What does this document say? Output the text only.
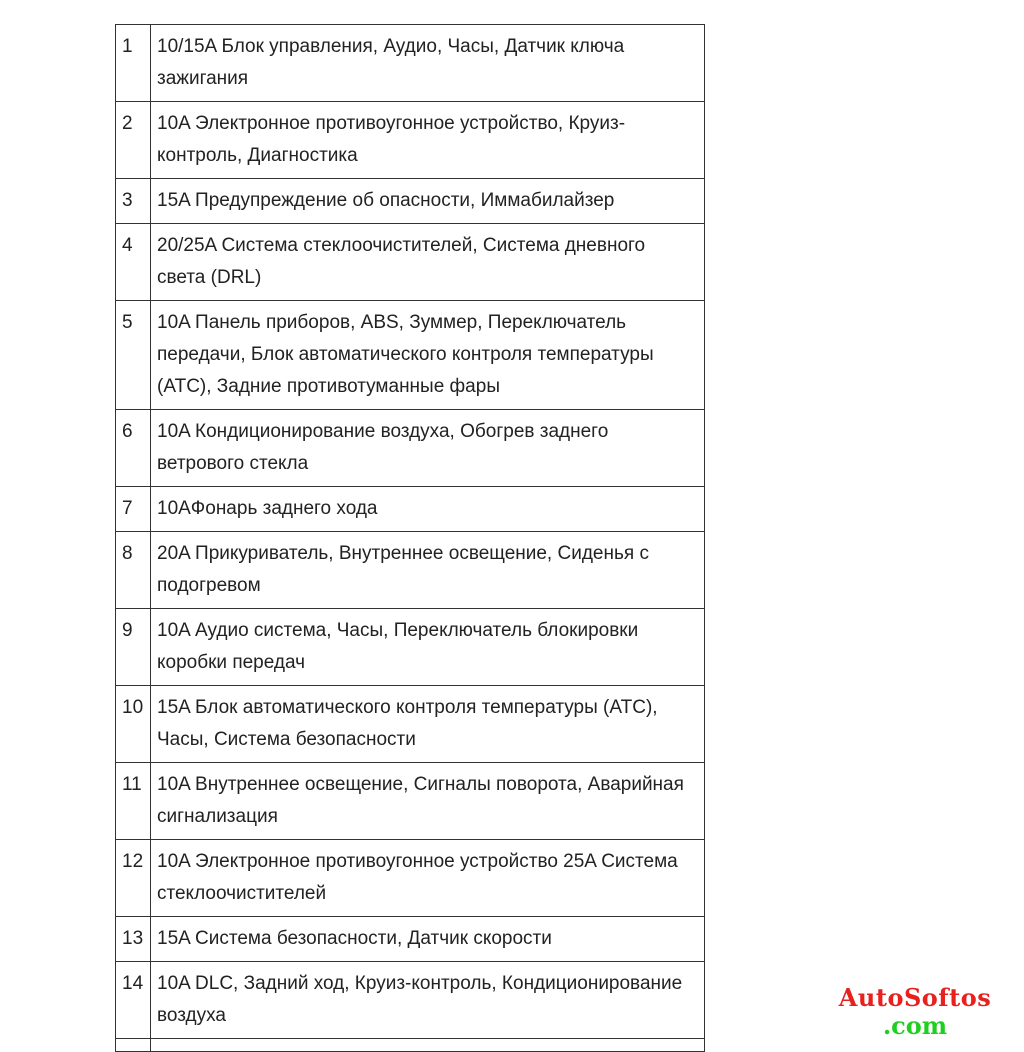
1	10/15A Блок управления, Аудио, Часы, Датчик ключа зажигания
2	10A Электронное противоугонное устройство, Круиз-контроль, Диагностика
3	15A Предупреждение об опасности, Иммабилайзер
4	20/25A Система стеклоочистителей, Система дневного света (DRL)
5	10A Панель приборов, ABS, Зуммер, Переключатель передачи, Блок автоматического контроля температуры (ATC), Задние противотуманные фары
6	10A Кондиционирование воздуха, Обогрев заднего ветрового стекла
7	10AФонарь заднего хода
8	20A Прикуриватель, Внутреннее освещение, Сиденья с подогревом
9	10A Аудио система, Часы, Переключатель блокировки коробки передач
10	15A Блок автоматического контроля температуры (ATC), Часы, Система безопасности
11	10A Внутреннее освещение, Сигналы поворота, Аварийная сигнализация
12	10A Электронное противоугонное устройство 25A Система стеклоочистителей
13	15A Система безопасности, Датчик скорости
14	10A DLC, Задний ход, Круиз-контроль, Кондиционирование воздуха

AutoSoftos
.com
